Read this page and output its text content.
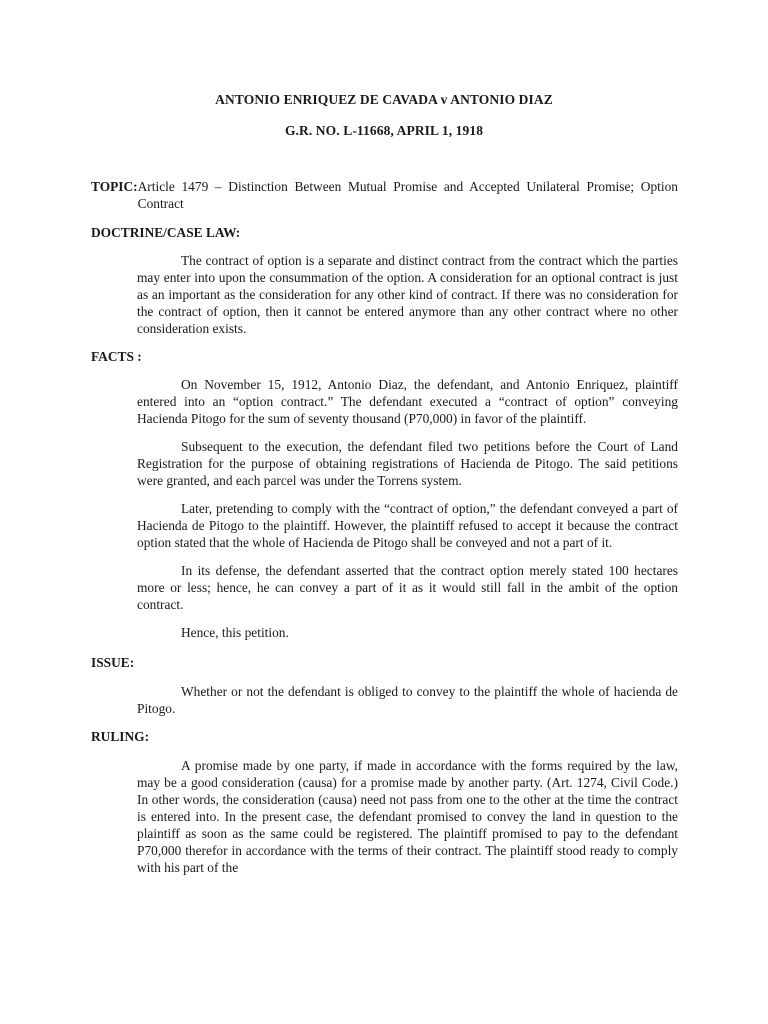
ANTONIO ENRIQUEZ DE CAVADA v ANTONIO DIAZ

G.R. NO. L-11668, APRIL 1, 1918

TOPIC: Article 1479 – Distinction Between Mutual Promise and Accepted Unilateral Promise; Option Contract

DOCTRINE/CASE LAW:

The contract of option is a separate and distinct contract from the contract which the parties may enter into upon the consummation of the option. A consideration for an optional contract is just as an important as the consideration for any other kind of contract. If there was no consideration for the contract of option, then it cannot be entered anymore than any other contract where no other consideration exists.

FACTS :

On November 15, 1912, Antonio Diaz, the defendant, and Antonio Enriquez, plaintiff entered into an “option contract.” The defendant executed a “contract of option” conveying Hacienda Pitogo for the sum of seventy thousand (P70,000) in favor of the plaintiff.

Subsequent to the execution, the defendant filed two petitions before the Court of Land Registration for the purpose of obtaining registrations of Hacienda de Pitogo. The said petitions were granted, and each parcel was under the Torrens system.

Later, pretending to comply with the “contract of option,” the defendant conveyed a part of Hacienda de Pitogo to the plaintiff. However, the plaintiff refused to accept it because the contract option stated that the whole of Hacienda de Pitogo shall be conveyed and not a part of it.

In its defense, the defendant asserted that the contract option merely stated 100 hectares more or less; hence, he can convey a part of it as it would still fall in the ambit of the option contract.

Hence, this petition.

ISSUE:

Whether or not the defendant is obliged to convey to the plaintiff the whole of hacienda de Pitogo.

RULING:

A promise made by one party, if made in accordance with the forms required by the law, may be a good consideration (causa) for a promise made by another party. (Art. 1274, Civil Code.) In other words, the consideration (causa) need not pass from one to the other at the time the contract is entered into. In the present case, the defendant promised to convey the land in question to the plaintiff as soon as the same could be registered. The plaintiff promised to pay to the defendant P70,000 therefor in accordance with the terms of their contract. The plaintiff stood ready to comply with his part of the
